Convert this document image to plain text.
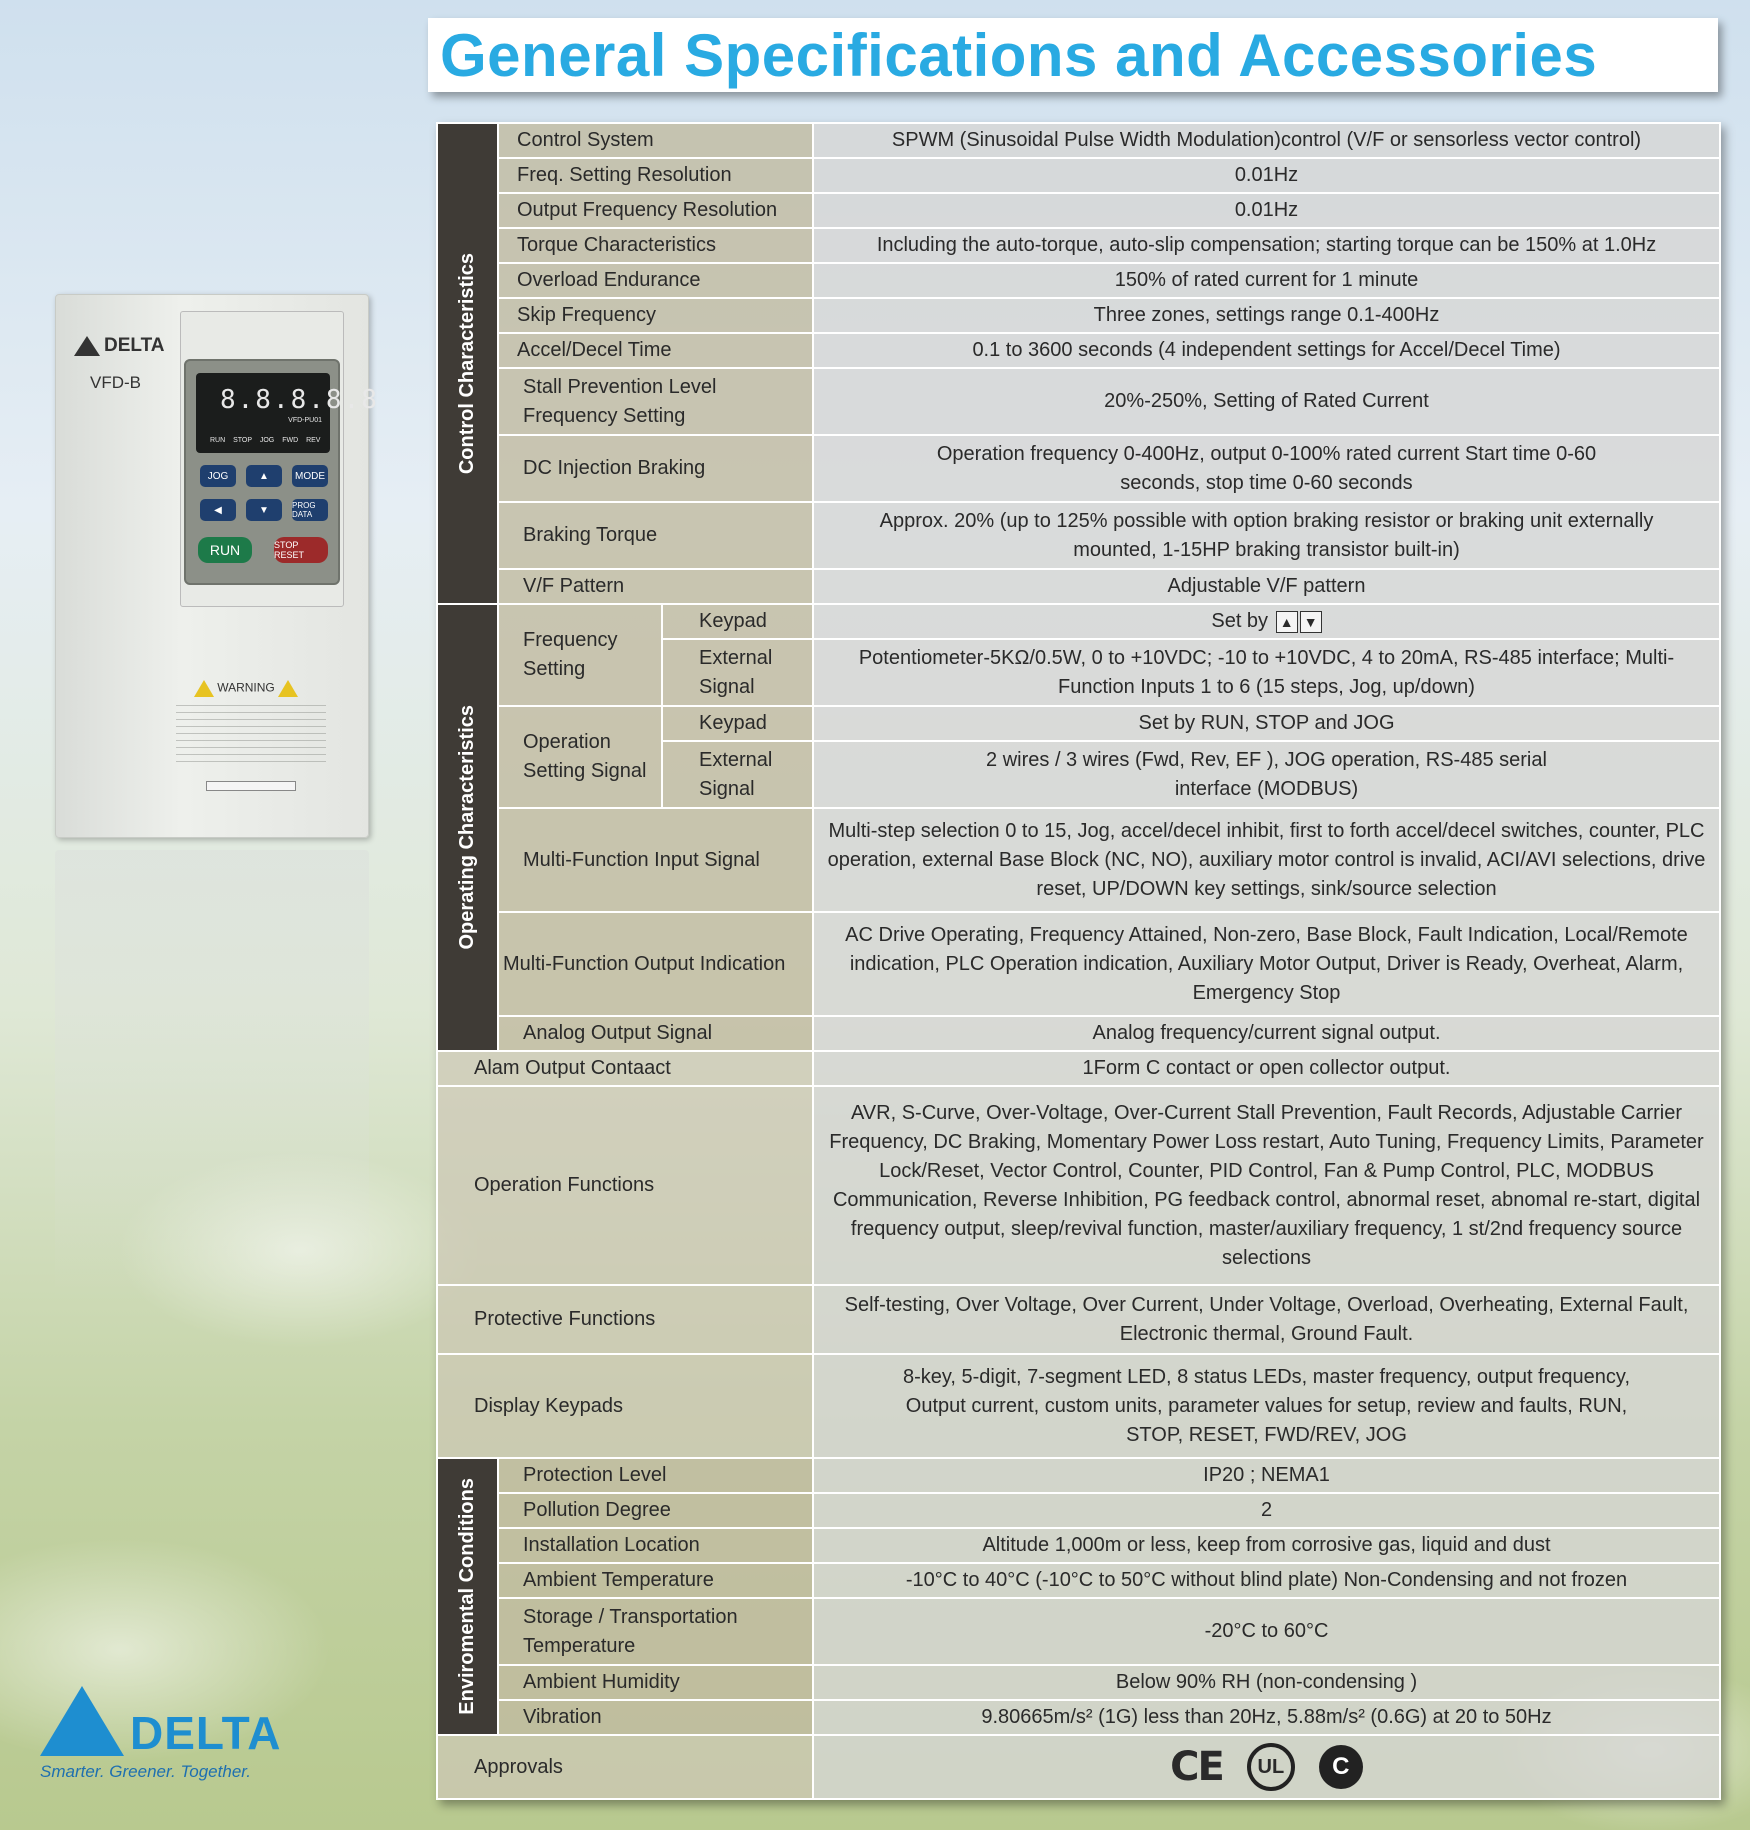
General Specifications and Accessories
DELTA
VFD-B
8.8.8.8.8
VFD-PU01
RUN STOP JOG FWD REV
JOG	▲	MODE
◀	▼	PROG DATA
RUN	STOP RESET
WARNING
DELTA
Smarter. Greener. Together.
Control Characteristics	Control System		SPWM (Sinusoidal Pulse Width Modulation)control (V/F or sensorless vector control)
	Freq. Setting Resolution		0.01Hz
	Output Frequency Resolution		0.01Hz
	Torque Characteristics		Including the auto-torque, auto-slip compensation; starting torque can be 150% at 1.0Hz
	Overload Endurance		150% of rated current for 1 minute
	Skip Frequency		Three zones, settings range 0.1-400Hz
	Accel/Decel Time		0.1 to 3600 seconds (4 independent settings for Accel/Decel Time)
	Stall Prevention Level Frequency Setting		20%-250%, Setting of Rated Current
	DC Injection Braking		Operation frequency 0-400Hz, output 0-100% rated current Start time 0-60 seconds, stop time 0-60 seconds
	Braking Torque		Approx. 20% (up to 125% possible with option braking resistor or braking unit externally mounted, 1-15HP braking transistor built-in)
	V/F Pattern		Adjustable V/F pattern

Operating Characteristics	Frequency Setting	Keypad	Set by ▲ ▼
		External Signal	Potentiometer-5KΩ/0.5W, 0 to +10VDC; -10 to +10VDC, 4 to 20mA, RS-485 interface; Multi-Function Inputs 1 to 6 (15 steps, Jog, up/down)
	Operation Setting Signal	Keypad	Set by RUN, STOP and JOG
		External Signal	2 wires / 3 wires (Fwd, Rev, EF ), JOG operation, RS-485 serial interface (MODBUS)
	Multi-Function Input Signal		Multi-step selection 0 to 15, Jog, accel/decel inhibit, first to forth accel/decel switches, counter, PLC operation, external Base Block (NC, NO), auxiliary motor control is invalid, ACI/AVI selections, drive reset, UP/DOWN key settings, sink/source selection
	Multi-Function Output Indication		AC Drive Operating, Frequency Attained, Non-zero, Base Block, Fault Indication, Local/Remote indication, PLC Operation indication, Auxiliary Motor Output, Driver is Ready, Overheat, Alarm, Emergency Stop
	Analog Output Signal		Analog frequency/current signal output.
Alam Output Contaact			1Form C contact or open collector output.
Operation Functions			AVR, S-Curve, Over-Voltage, Over-Current Stall Prevention, Fault Records, Adjustable Carrier Frequency, DC Braking, Momentary Power Loss restart, Auto Tuning, Frequency Limits, Parameter Lock/Reset, Vector Control, Counter, PID Control, Fan & Pump Control, PLC, MODBUS Communication, Reverse Inhibition, PG feedback control, abnormal reset, abnomal re-start, digital frequency output, sleep/revival function, master/auxiliary frequency, 1 st/2nd frequency source selections
Protective Functions			Self-testing, Over Voltage, Over Current, Under Voltage, Overload, Overheating, External Fault, Electronic thermal, Ground Fault.
Display Keypads			8-key, 5-digit, 7-segment LED, 8 status LEDs, master frequency, output frequency, Output current, custom units, parameter values for setup, review and faults, RUN, STOP, RESET, FWD/REV, JOG

Enviromental Conditions	Protection Level		IP20 ; NEMA1
	Pollution Degree		2
	Installation Location		Altitude 1,000m or less, keep from corrosive gas, liquid and dust
	Ambient Temperature		-10°C to 40°C (-10°C to 50°C without blind plate) Non-Condensing and not frozen
	Storage / Transportation Temperature		-20°C to 60°C
	Ambient Humidity		Below 90% RH (non-condensing )
	Vibration		9.80665m/s² (1G) less than 20Hz, 5.88m/s² (0.6G) at 20 to 50Hz
Approvals			CE UL C
